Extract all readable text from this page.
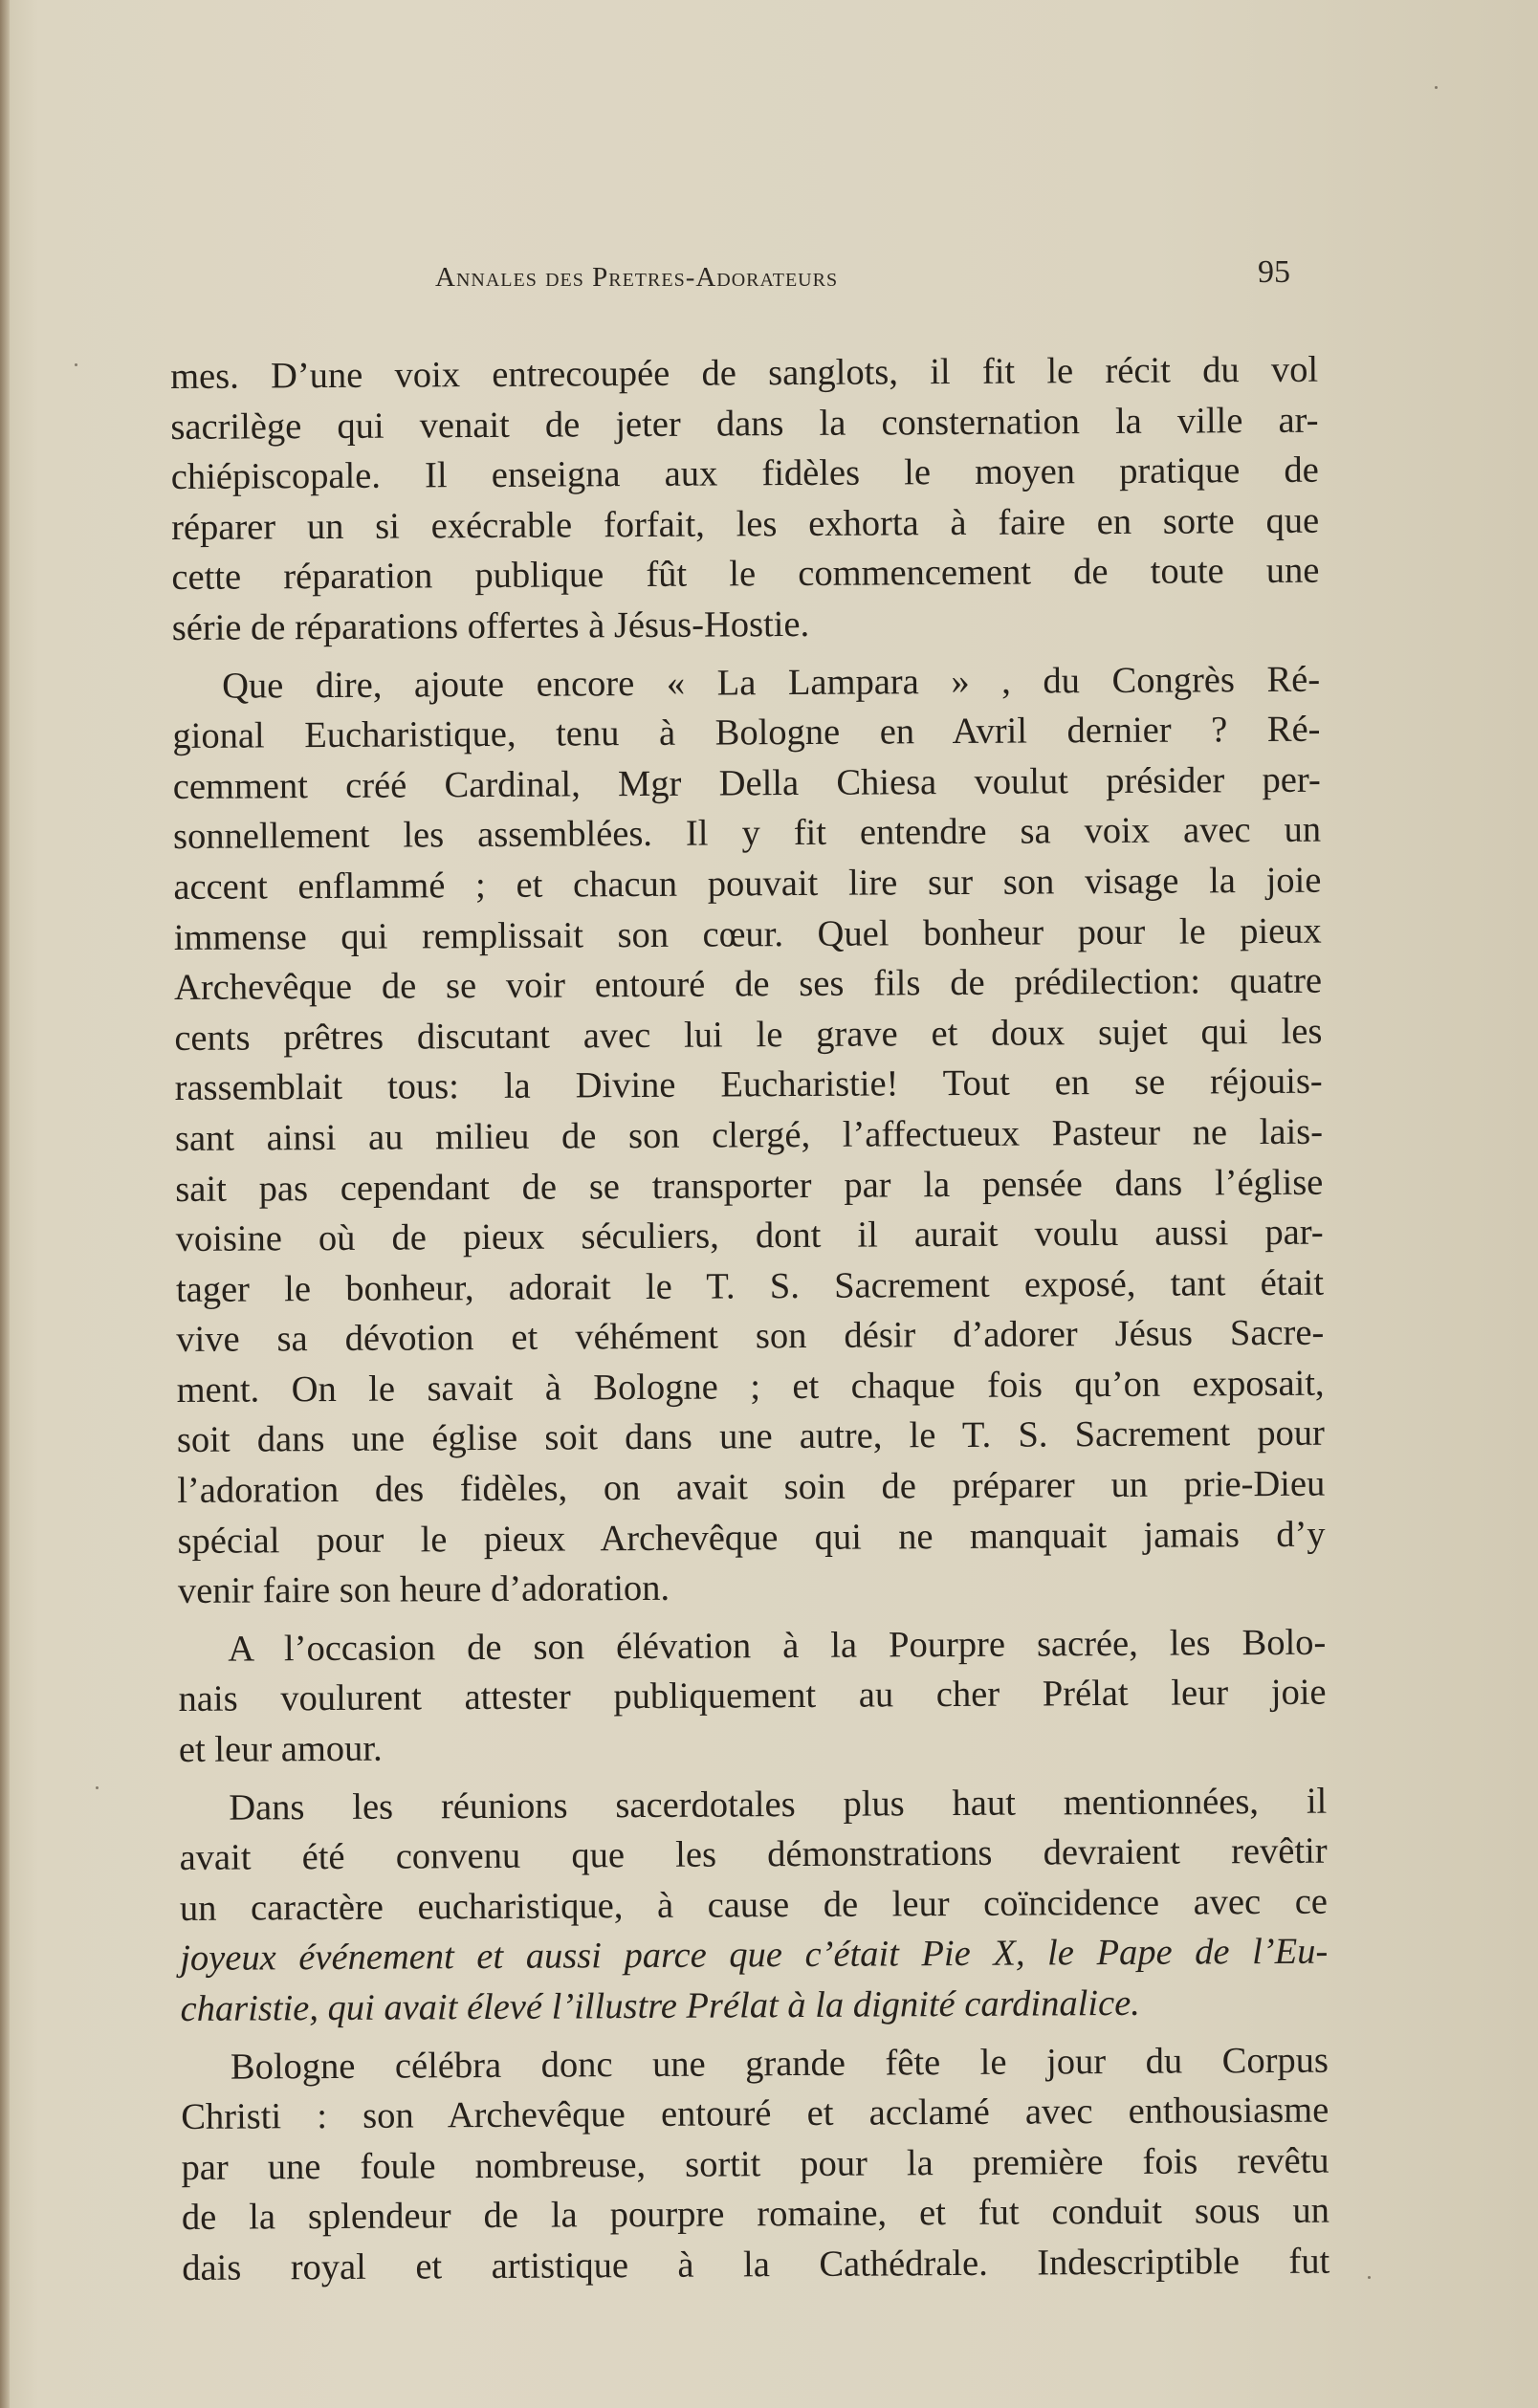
Annales des Pretres-Adorateurs	95
mes. D’une voix entrecoupée de sanglots, il fit le récit du vol
sacrilège qui venait de jeter dans la consternation la ville ar-
chiépiscopale. Il enseigna aux fidèles le moyen pratique de
réparer un si exécrable forfait, les exhorta à faire en sorte que
cette réparation publique fût le commencement de toute une
série de réparations offertes à Jésus-Hostie.
Que dire, ajoute encore « La Lampara » , du Congrès Ré-
gional Eucharistique, tenu à Bologne en Avril dernier ? Ré-
cemment créé Cardinal, Mgr Della Chiesa voulut présider per-
sonnellement les assemblées. Il y fit entendre sa voix avec un
accent enflammé ; et chacun pouvait lire sur son visage la joie
immense qui remplissait son cœur. Quel bonheur pour le pieux
Archevêque de se voir entouré de ses fils de prédilection: quatre
cents prêtres discutant avec lui le grave et doux sujet qui les
rassemblait tous: la Divine Eucharistie! Tout en se réjouis-
sant ainsi au milieu de son clergé, l’affectueux Pasteur ne lais-
sait pas cependant de se transporter par la pensée dans l’église
voisine où de pieux séculiers, dont il aurait voulu aussi par-
tager le bonheur, adorait le T. S. Sacrement exposé, tant était
vive sa dévotion et véhément son désir d’adorer Jésus Sacre-
ment. On le savait à Bologne ; et chaque fois qu’on exposait,
soit dans une église soit dans une autre, le T. S. Sacrement pour
l’adoration des fidèles, on avait soin de préparer un prie-Dieu
spécial pour le pieux Archevêque qui ne manquait jamais d’y
venir faire son heure d’adoration.
A l’occasion de son élévation à la Pourpre sacrée, les Bolo-
nais voulurent attester publiquement au cher Prélat leur joie
et leur amour.
Dans les réunions sacerdotales plus haut mentionnées, il
avait été convenu que les démonstrations devraient revêtir
un caractère eucharistique, à cause de leur coïncidence avec ce
joyeux événement et aussi parce que c’était Pie X, le Pape de l’Eu-
charistie, qui avait élevé l’illustre Prélat à la dignité cardinalice.
Bologne célébra donc une grande fête le jour du Corpus
Christi : son Archevêque entouré et acclamé avec enthousiasme
par une foule nombreuse, sortit pour la première fois revêtu
de la splendeur de la pourpre romaine, et fut conduit sous un
dais royal et artistique à la Cathédrale. Indescriptible fut
